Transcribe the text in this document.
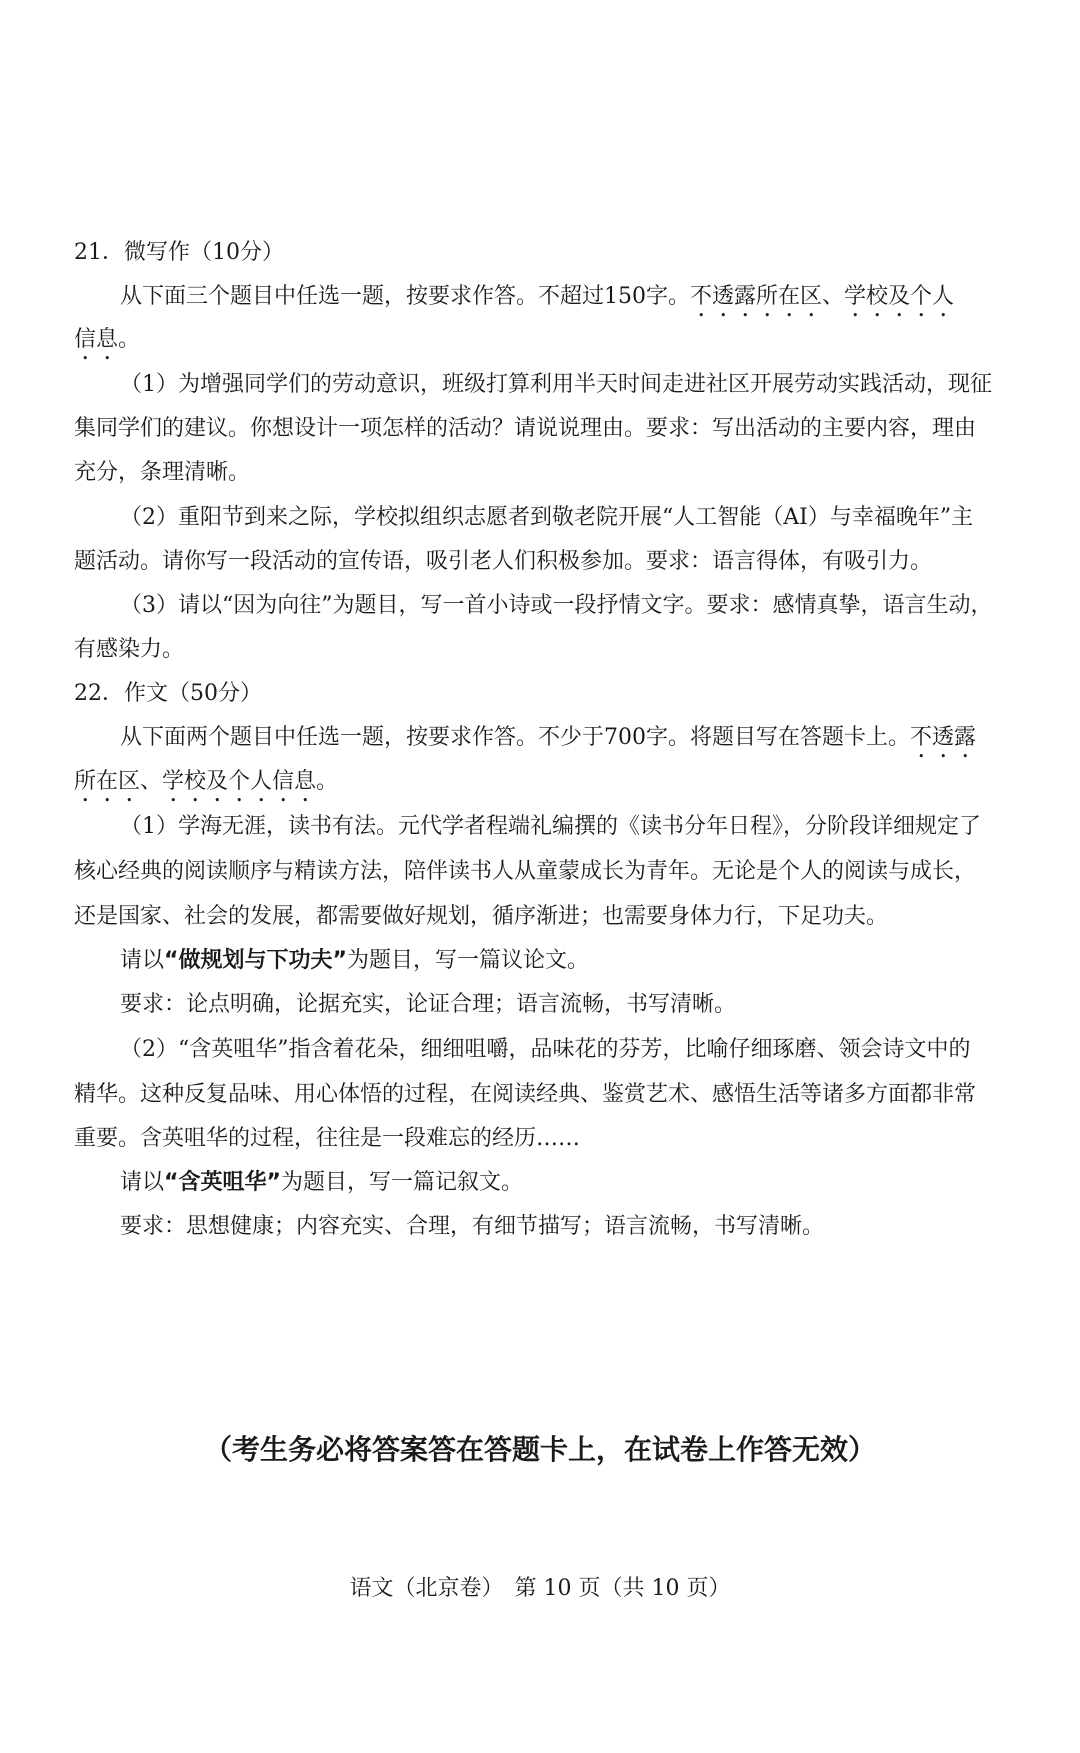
21．微写作（10分）
从下面三个题目中任选一题，按要求作答。不超过150字。不透露所在区、学校及个人
信息。
（1）为增强同学们的劳动意识，班级打算利用半天时间走进社区开展劳动实践活动，现征
集同学们的建议。你想设计一项怎样的活动？请说说理由。要求：写出活动的主要内容，理由
充分，条理清晰。
（2）重阳节到来之际，学校拟组织志愿者到敬老院开展“人工智能（AI）与幸福晚年”主
题活动。请你写一段活动的宣传语，吸引老人们积极参加。要求：语言得体，有吸引力。
（3）请以“因为向往”为题目，写一首小诗或一段抒情文字。要求：感情真挚，语言生动，
有感染力。
22．作文（50分）
从下面两个题目中任选一题，按要求作答。不少于700字。将题目写在答题卡上。不透露
所在区、学校及个人信息。
（1）学海无涯，读书有法。元代学者程端礼编撰的《读书分年日程》，分阶段详细规定了
核心经典的阅读顺序与精读方法，陪伴读书人从童蒙成长为青年。无论是个人的阅读与成长，
还是国家、社会的发展，都需要做好规划，循序渐进；也需要身体力行，下足功夫。
请以“做规划与下功夫”为题目，写一篇议论文。
要求：论点明确，论据充实，论证合理；语言流畅，书写清晰。
（2）“含英咀华”指含着花朵，细细咀嚼，品味花的芬芳，比喻仔细琢磨、领会诗文中的
精华。这种反复品味、用心体悟的过程，在阅读经典、鉴赏艺术、感悟生活等诸多方面都非常
重要。含英咀华的过程，往往是一段难忘的经历……
请以“含英咀华”为题目，写一篇记叙文。
要求：思想健康；内容充实、合理，有细节描写；语言流畅，书写清晰。
（考生务必将答案答在答题卡上，在试卷上作答无效）
语文（北京卷）　第 10 页（共 10 页）
